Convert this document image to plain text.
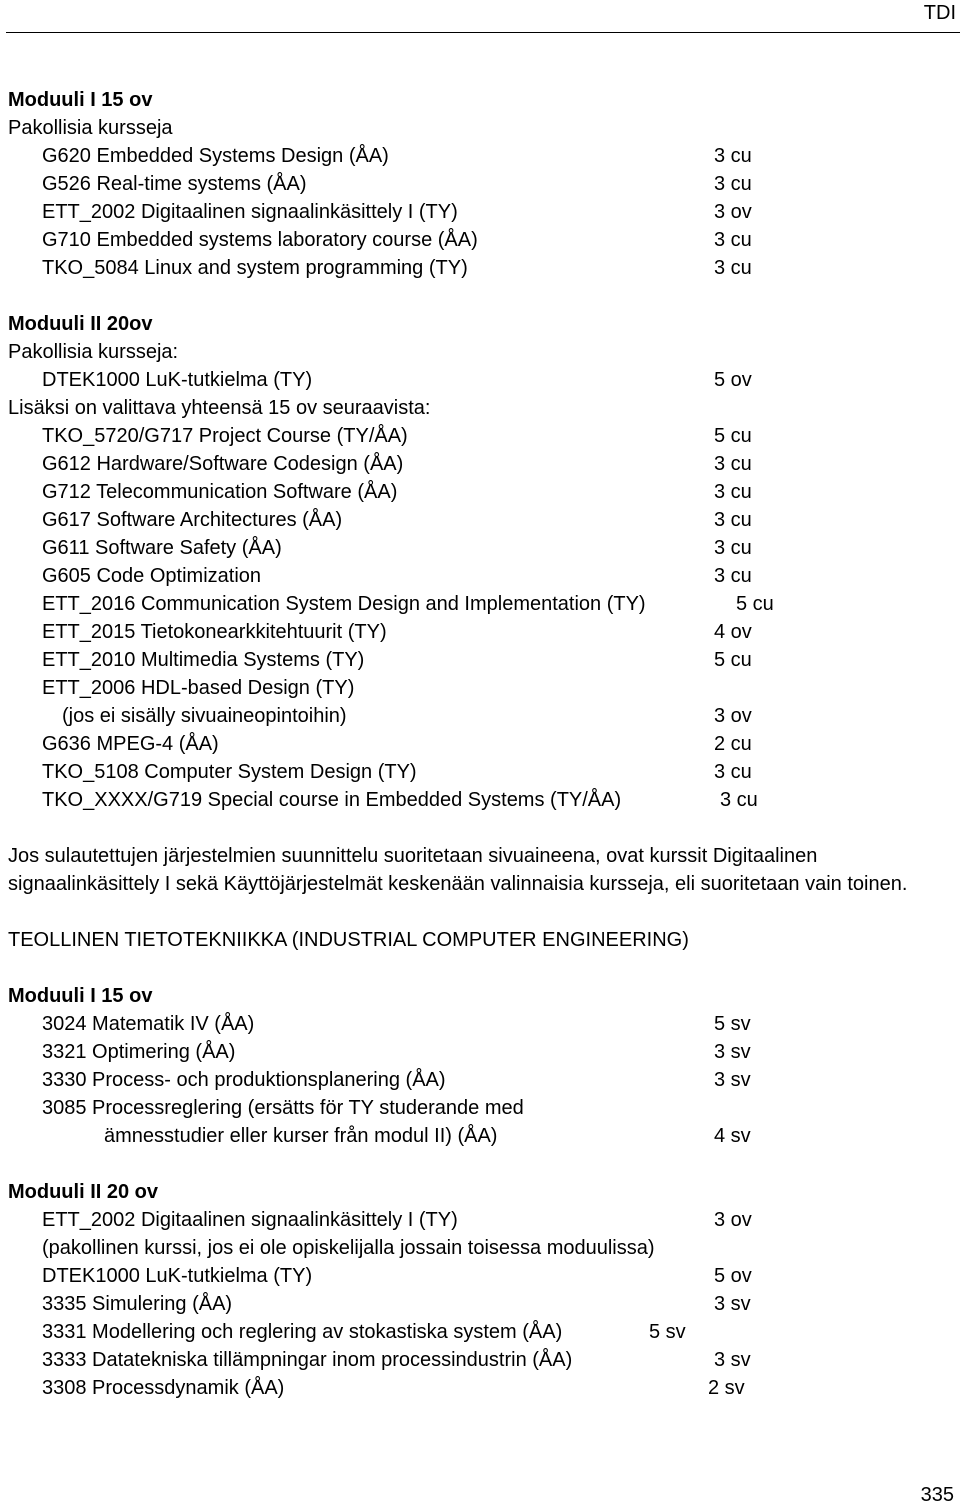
TDI
Moduuli I 15 ov
Pakollisia kursseja
G620 Embedded Systems Design (ÅA)	3 cu
G526 Real-time systems (ÅA)	3 cu
ETT_2002 Digitaalinen signaalinkäsittely I (TY)	3 ov
G710 Embedded systems laboratory course (ÅA)	3 cu
TKO_5084 Linux and system programming (TY)	3 cu
Moduuli II 20ov
Pakollisia kursseja:
DTEK1000 LuK-tutkielma (TY)	5 ov
Lisäksi on valittava yhteensä 15 ov seuraavista:
TKO_5720/G717 Project Course (TY/ÅA)	5 cu
G612 Hardware/Software Codesign (ÅA)	3 cu
G712 Telecommunication Software (ÅA)	3 cu
G617 Software Architectures (ÅA)	3 cu
G611 Software Safety (ÅA)	3 cu
G605 Code Optimization	3 cu
ETT_2016 Communication System Design and Implementation (TY)	5 cu
ETT_2015 Tietokonearkkitehtuurit (TY)	4 ov
ETT_2010 Multimedia Systems (TY)	5 cu
ETT_2006 HDL-based Design (TY)
(jos ei sisälly sivuaineopintoihin)	3 ov
G636 MPEG-4 (ÅA)	2 cu
TKO_5108 Computer System Design (TY)	3 cu
TKO_XXXX/G719 Special course in Embedded Systems (TY/ÅA)	3 cu
Jos sulautettujen järjestelmien suunnittelu suoritetaan sivuaineena, ovat kurssit Digitaalinen signaalinkäsittely I sekä Käyttöjärjestelmät keskenään valinnaisia kursseja, eli suoritetaan vain toinen.
TEOLLINEN TIETOTEKNIIKKA (INDUSTRIAL COMPUTER ENGINEERING)
Moduuli I 15 ov
3024 Matematik IV (ÅA)	5 sv
3321 Optimering (ÅA)	3 sv
3330 Process- och produktionsplanering (ÅA)	3 sv
3085 Processreglering (ersätts för TY studerande med
ämnesstudier eller kurser från modul II) (ÅA)	4 sv
Moduuli II 20 ov
ETT_2002 Digitaalinen signaalinkäsittely I (TY)	3 ov
(pakollinen kurssi, jos ei ole opiskelijalla jossain toisessa moduulissa)
DTEK1000 LuK-tutkielma (TY)	5 ov
3335 Simulering (ÅA)	3 sv
3331 Modellering och reglering av stokastiska system (ÅA)	5 sv
3333 Datatekniska tillämpningar inom processindustrin (ÅA)	3 sv
3308 Processdynamik (ÅA)	2 sv
335
